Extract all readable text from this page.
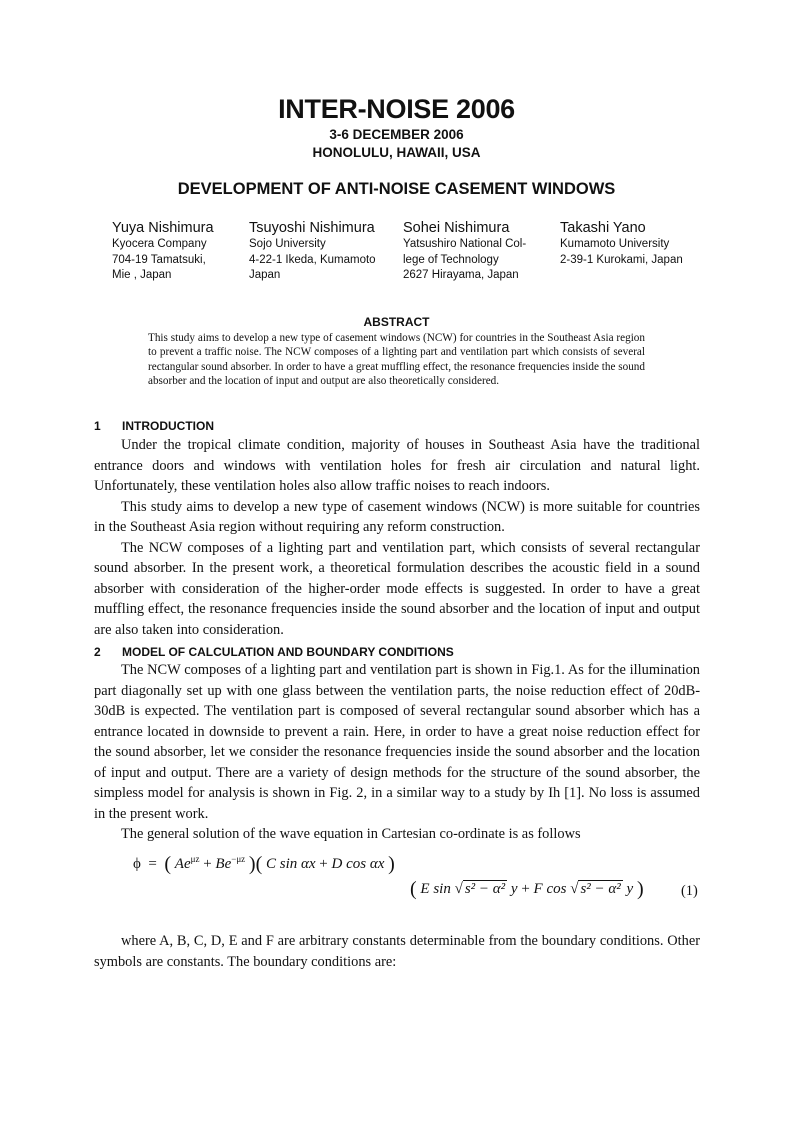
INTER-NOISE 2006
3-6 DECEMBER 2006
HONOLULU, HAWAII, USA
DEVELOPMENT OF ANTI-NOISE CASEMENT WINDOWS
Yuya Nishimura
Kyocera Company
704-19 Tamatsuki,
Mie , Japan
Tsuyoshi Nishimura
Sojo University
4-22-1 Ikeda, Kumamoto
Japan
Sohei Nishimura
Yatsushiro National Col-
lege of Technology
2627 Hirayama, Japan
Takashi Yano
Kumamoto University
2-39-1 Kurokami, Japan
ABSTRACT
This study aims to develop a new type of casement windows (NCW) for countries in the Southeast Asia region to prevent a traffic noise. The NCW composes of a lighting part and ventilation part which consists of several rectangular sound absorber. In order to have a great muffling effect, the resonance frequencies inside the sound absorber and the location of input and output are also theoretically considered.
1 INTRODUCTION

Under the tropical climate condition, majority of houses in Southeast Asia have the traditional entrance doors and windows with ventilation holes for fresh air circulation and natural light. Unfortunately, these ventilation holes also allow traffic noises to reach indoors.

This study aims to develop a new type of casement windows (NCW) is more suitable for countries in the Southeast Asia region without requiring any reform construction.

The NCW composes of a lighting part and ventilation part, which consists of several rectangular sound absorber. In the present work, a theoretical formulation describes the acoustic field in a sound absorber with consideration of the higher-order mode effects is suggested. In order to have a great muffling effect, the resonance frequencies inside the sound absorber and the location of input and output are also taken into consideration.

2 MODEL OF CALCULATION AND BOUNDARY CONDITIONS

The NCW composes of a lighting part and ventilation part is shown in Fig.1. As for the illumination part diagonally set up with one glass between the ventilation parts, the noise reduction effect of 20dB-30dB is expected. The ventilation part is composed of several rectangular sound absorber which has a entrance located in downside to prevent a rain. Here, in order to have a great noise reduction effect for the sound absorber, let we consider the resonance frequencies inside the sound absorber and the location of input and output. There are a variety of design methods for the structure of the sound absorber, the simpless model for analysis is shown in Fig. 2, in a similar way to a study by Ih [1]. No loss is assumed in the present work.

The general solution of the wave equation in Cartesian co-ordinate is as follows

ϕ = ( $Ae^{\mu z} + Be^{-\mu z}$ )( C sin αx + D cos αx )
( E sin √ s² − α² y + F cos √ s² − α² y )	(1)

where A, B, C, D, E and F are arbitrary constants determinable from the boundary conditions. Other symbols are constants. The boundary conditions are:
